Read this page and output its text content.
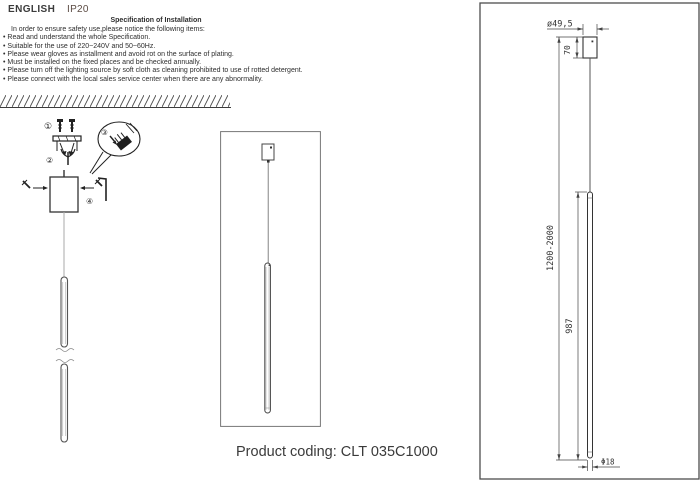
ENGLISH IP20
Specification of Installation
In order to ensure safety use,please notice the following items:
• Read and understand the whole Specification.
• Suitable for the use of 220~240V and 50~60Hz.
• Please wear gloves as installment and avoid rot on the surface of plating.
• Must be installed on the fixed places and be checked annually.
• Please turn off the lighting source by soft cloth as cleaning prohibited to use of rotted detergent.
• Please connect with the local sales service center when there are any abnormality.
①
②
③
④
Product coding: CLT 035C1000
ø49,5
70
1200-2000
987
Φ18
